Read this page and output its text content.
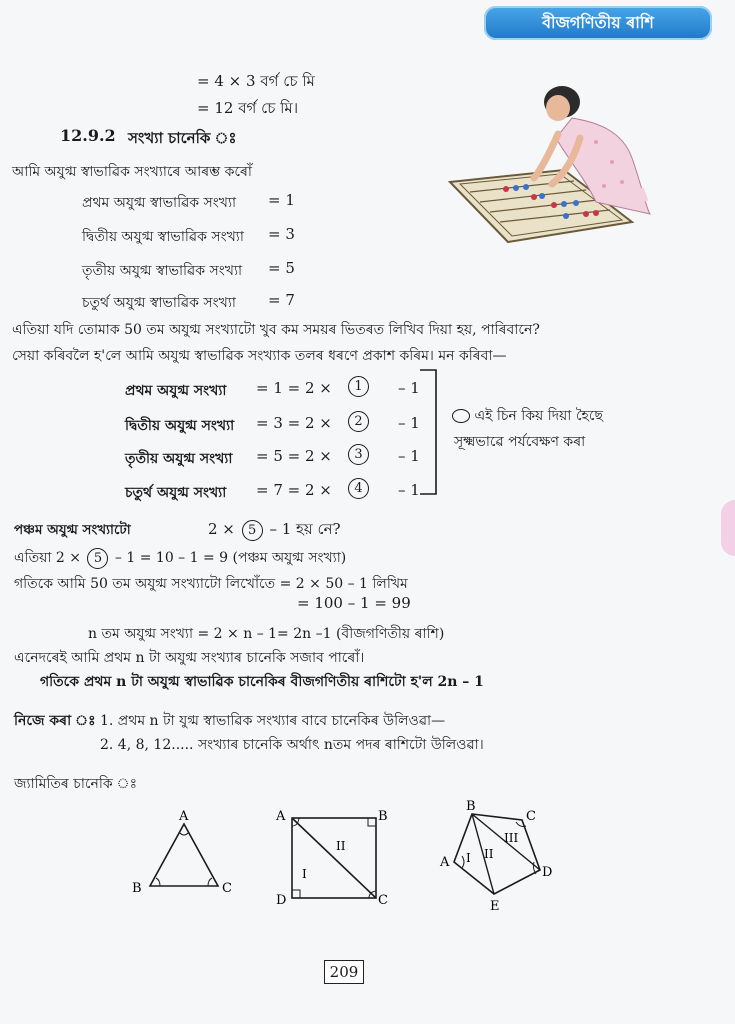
বীজগণিতীয় ৰাশি
= 4 × 3 বৰ্গ চে মি
= 12 বৰ্গ চে মি।
12.9.2 সংখ্যা চানেকি ঃ
আমি অযুগ্ম স্বাভাৱিক সংখ্যাৰে আৰম্ভ কৰোঁ
প্ৰথম অযুগ্ম স্বাভাৱিক সংখ্যা = 1
দ্বিতীয় অযুগ্ম স্বাভাৱিক সংখ্যা = 3
তৃতীয় অযুগ্ম স্বাভাৱিক সংখ্যা = 5
চতুৰ্থ অযুগ্ম স্বাভাৱিক সংখ্যা = 7
এতিয়া যদি তোমাক 50 তম অযুগ্ম সংখ্যাটো খুব কম সময়ৰ ভিতৰত লিখিব দিয়া হয়, পাৰিবানে?
সেয়া কৰিবলৈ হ'লে আমি অযুগ্ম স্বাভাৱিক সংখ্যাক তলৰ ধৰণে প্ৰকাশ কৰিম। মন কৰিবা—
প্ৰথম অযুগ্ম সংখ্যা = 1 = 2 ×	1	– 1
দ্বিতীয় অযুগ্ম সংখ্যা = 3 = 2 ×	2	– 1
তৃতীয় অযুগ্ম সংখ্যা = 5 = 2 ×	3	– 1
চতুৰ্থ অযুগ্ম সংখ্যা = 7 = 2 ×	4	– 1
এই চিন কিয় দিয়া হৈছে
সূক্ষ্মভাৱে পৰ্যবেক্ষণ কৰা
পঞ্চম অযুগ্ম সংখ্যাটো	2 × 5 – 1 হয় নে?
এতিয়া 2 × 5 – 1 = 10 – 1 = 9 (পঞ্চম অযুগ্ম সংখ্যা)
গতিকে আমি 50 তম অযুগ্ম সংখ্যাটো লিখোঁতে = 2 × 50 – 1 লিখিম
= 100 – 1 = 99
n তম অযুগ্ম সংখ্যা = 2 × n – 1= 2n –1 (বীজগণিতীয় ৰাশি)
এনেদৰেই আমি প্ৰথম n টা অযুগ্ম সংখ্যাৰ চানেকি সজাব পাৰোঁ।
গতিকে প্ৰথম n টা অযুগ্ম স্বাভাৱিক চানেকিৰ বীজগণিতীয় ৰাশিটো হ'ল 2n – 1
নিজে কৰা ঃ 1. প্ৰথম n টা যুগ্ম স্বাভাৱিক সংখ্যাৰ বাবে চানেকিৰ উলিওৱা—
2. 4, 8, 12..... সংখ্যাৰ চানেকি অৰ্থাৎ nতম পদৰ ৰাশিটো উলিওৱা।
জ্যামিতিৰ চানেকি ঃ
A
B	C
A	B
C
D
I
II
B
C
D
E
A I II
III
209
